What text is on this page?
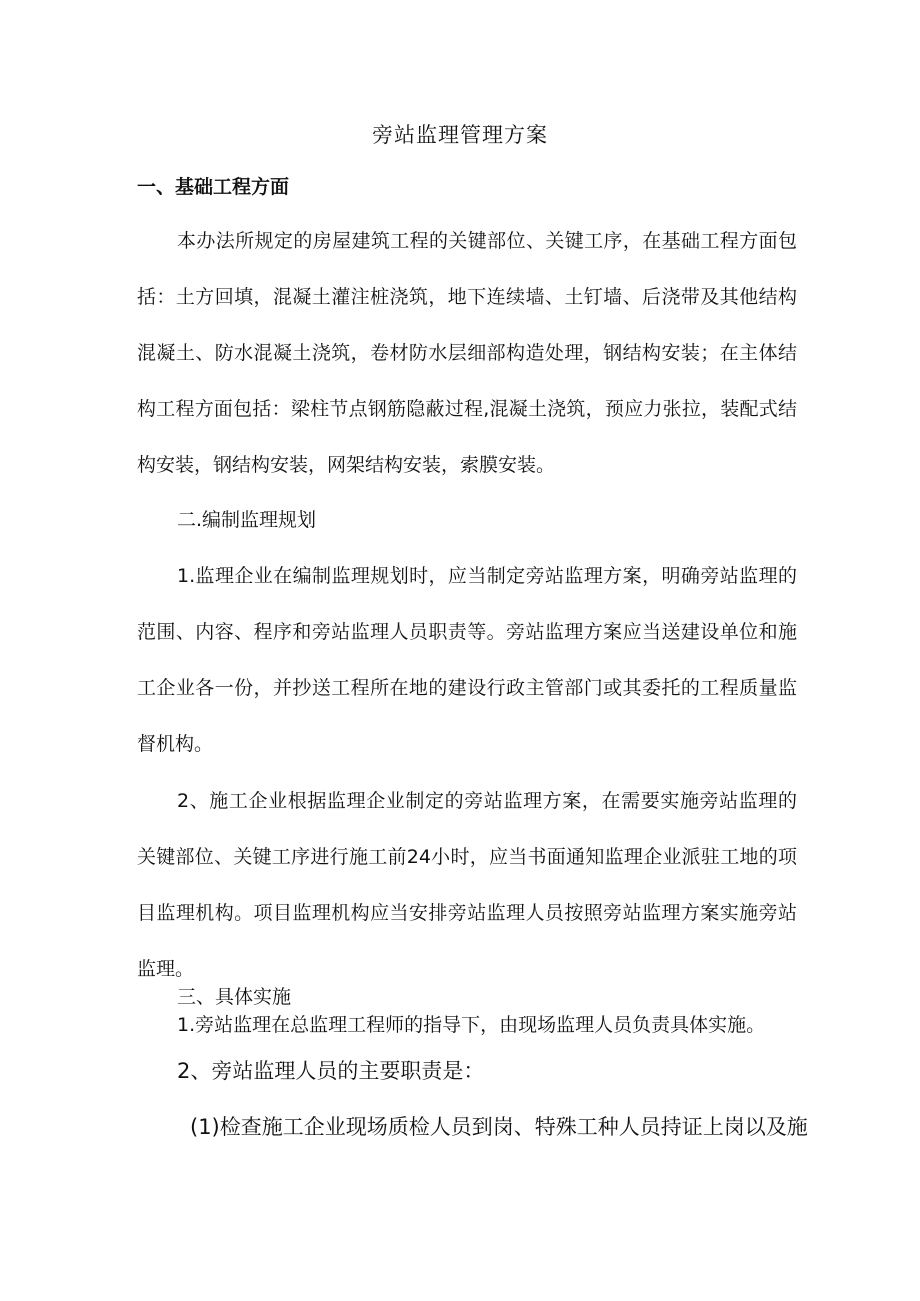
旁站监理管理方案
一、基础工程方面

本办法所规定的房屋建筑工程的关键部位、关键工序，在基础工程方面包括：土方回填，混凝土灌注桩浇筑，地下连续墙、土钉墙、后浇带及其他结构混凝土、防水混凝土浇筑，卷材防水层细部构造处理，钢结构安装；在主体结构工程方面包括：梁柱节点钢筋隐蔽过程,混凝土浇筑，预应力张拉，装配式结构安装，钢结构安装，网架结构安装，索膜安装。

二.编制监理规划

1.监理企业在编制监理规划时，应当制定旁站监理方案，明确旁站监理的范围、内容、程序和旁站监理人员职责等。旁站监理方案应当送建设单位和施工企业各一份，并抄送工程所在地的建设行政主管部门或其委托的工程质量监督机构。

2、施工企业根据监理企业制定的旁站监理方案，在需要实施旁站监理的关键部位、关键工序进行施工前24小时，应当书面通知监理企业派驻工地的项目监理机构。项目监理机构应当安排旁站监理人员按照旁站监理方案实施旁站监理。

三、具体实施

1.旁站监理在总监理工程师的指导下，由现场监理人员负责具体实施。

2、旁站监理人员的主要职责是：

(1)检查施工企业现场质检人员到岗、特殊工种人员持证上岗以及施
